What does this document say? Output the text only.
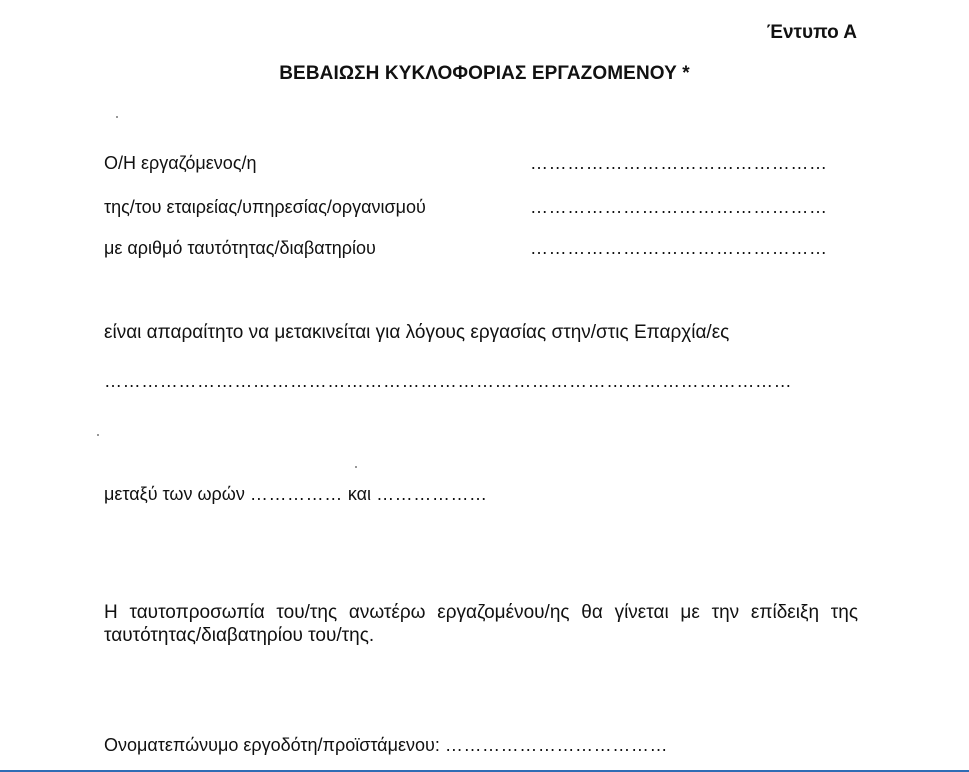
Έντυπο Α
ΒΕΒΑΙΩΣΗ ΚΥΚΛΟΦΟΡΙΑΣ ΕΡΓΑΖΟΜΕΝΟΥ *
Ο/Η εργαζόμενος/η	…………………………………………
της/του εταιρείας/υπηρεσίας/οργανισμού	…………………………………………
με αριθμό ταυτότητας/διαβατηρίου	…………………………………………
είναι απαραίτητο να μετακινείται για λόγους εργασίας στην/στις Επαρχία/ες
…………………………………………………………………………………………………
μεταξύ των ωρών …………… και ………………
Η ταυτοπροσωπία του/της ανωτέρω εργαζομένου/ης θα γίνεται με την επίδειξη της ταυτότητας/διαβατηρίου του/της.
Ονοματεπώνυμο εργοδότη/προϊστάμενου: ………………………………
